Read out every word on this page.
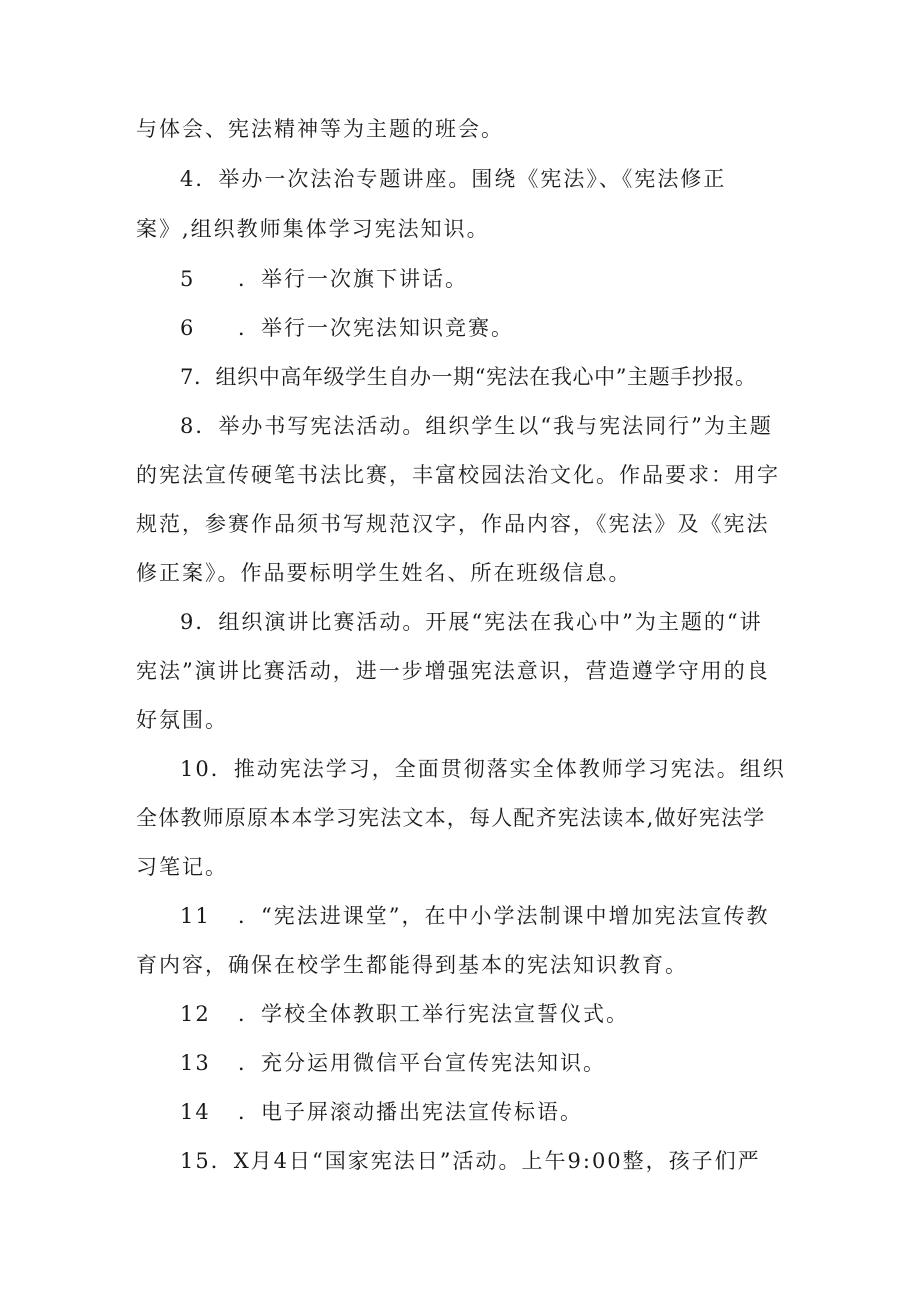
与体会、宪法精神等为主题的班会。
4．举办一次法治专题讲座。围绕《宪法》、《宪法修正
案》,组织教师集体学习宪法知识。
5 ．举行一次旗下讲话。
6 ．举行一次宪法知识竞赛。
7．组织中高年级学生自办一期“宪法在我心中”主题手抄报。
8．举办书写宪法活动。组织学生以“我与宪法同行”为主题
的宪法宣传硬笔书法比赛，丰富校园法治文化。作品要求：用字
规范，参赛作品须书写规范汉字，作品内容，《宪法》及《宪法
修正案》。作品要标明学生姓名、所在班级信息。
9．组织演讲比赛活动。开展“宪法在我心中”为主题的“讲
宪法”演讲比赛活动，进一步增强宪法意识，营造遵学守用的良
好氛围。
10．推动宪法学习，全面贯彻落实全体教师学习宪法。组织
全体教师原原本本学习宪法文本，每人配齐宪法读本,做好宪法学
习笔记。
11 ．“宪法进课堂”，在中小学法制课中增加宪法宣传教
育内容，确保在校学生都能得到基本的宪法知识教育。
12 ．学校全体教职工举行宪法宣誓仪式。
13 ．充分运用微信平台宣传宪法知识。
14 ．电子屏滚动播出宪法宣传标语。
15．X月4日“国家宪法日”活动。上午9:00整，孩子们严
